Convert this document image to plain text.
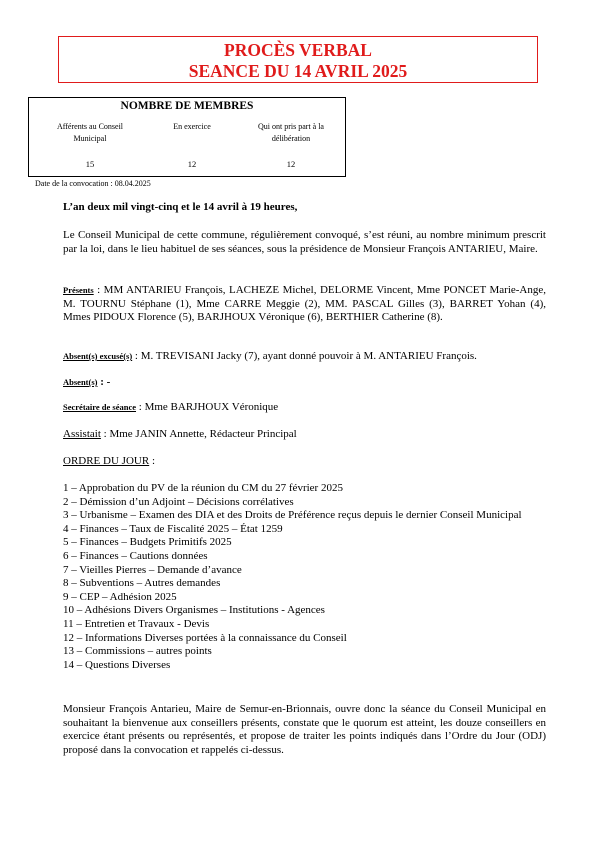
PROCÈS VERBAL
SEANCE DU 14 AVRIL 2025
NOMBRE DE MEMBRES
Afférents au Conseil Municipal
15
En exercice
12
Qui ont pris part à la délibération
12
Date de la convocation : 08.04.2025
L’an deux mil vingt-cinq et le 14 avril à 19 heures,
Le Conseil Municipal de cette commune, régulièrement convoqué, s’est réuni, au nombre minimum prescrit par la loi, dans le lieu habituel de ses séances, sous la présidence de Monsieur François ANTARIEU, Maire.
Présents : MM ANTARIEU François, LACHEZE Michel, DELORME Vincent, Mme PONCET Marie-Ange, M. TOURNU Stéphane (1), Mme CARRE Meggie (2), MM. PASCAL Gilles (3), BARRET Yohan (4), Mmes PIDOUX Florence (5), BARJHOUX Véronique (6), BERTHIER Catherine (8).
Absent(s) excusé(s) : M. TREVISANI Jacky (7), ayant donné pouvoir à M. ANTARIEU François.
Absent(s) : -
Secrétaire de séance : Mme BARJHOUX Véronique
Assistait : Mme JANIN Annette, Rédacteur Principal
ORDRE DU JOUR :
1 – Approbation du PV de la réunion du CM du 27 février 2025
2 – Démission d’un Adjoint – Décisions corrélatives
3 – Urbanisme – Examen des DIA et des Droits de Préférence reçus depuis le dernier Conseil Municipal
4 – Finances – Taux de Fiscalité 2025 – État 1259
5 – Finances – Budgets Primitifs 2025
6 – Finances – Cautions données
7 – Vieilles Pierres – Demande d’avance
8 – Subventions – Autres demandes
9 – CEP – Adhésion 2025
10 – Adhésions Divers Organismes – Institutions - Agences
11 – Entretien et Travaux - Devis
12 – Informations Diverses portées à la connaissance du Conseil
13 – Commissions – autres points
14 – Questions Diverses
Monsieur François Antarieu, Maire de Semur-en-Brionnais, ouvre donc la séance du Conseil Municipal en souhaitant la bienvenue aux conseillers présents, constate que le quorum est atteint, les douze conseillers en exercice étant présents ou représentés, et propose de traiter les points indiqués dans l’Ordre du Jour (ODJ) proposé dans la convocation et rappelés ci-dessus.
